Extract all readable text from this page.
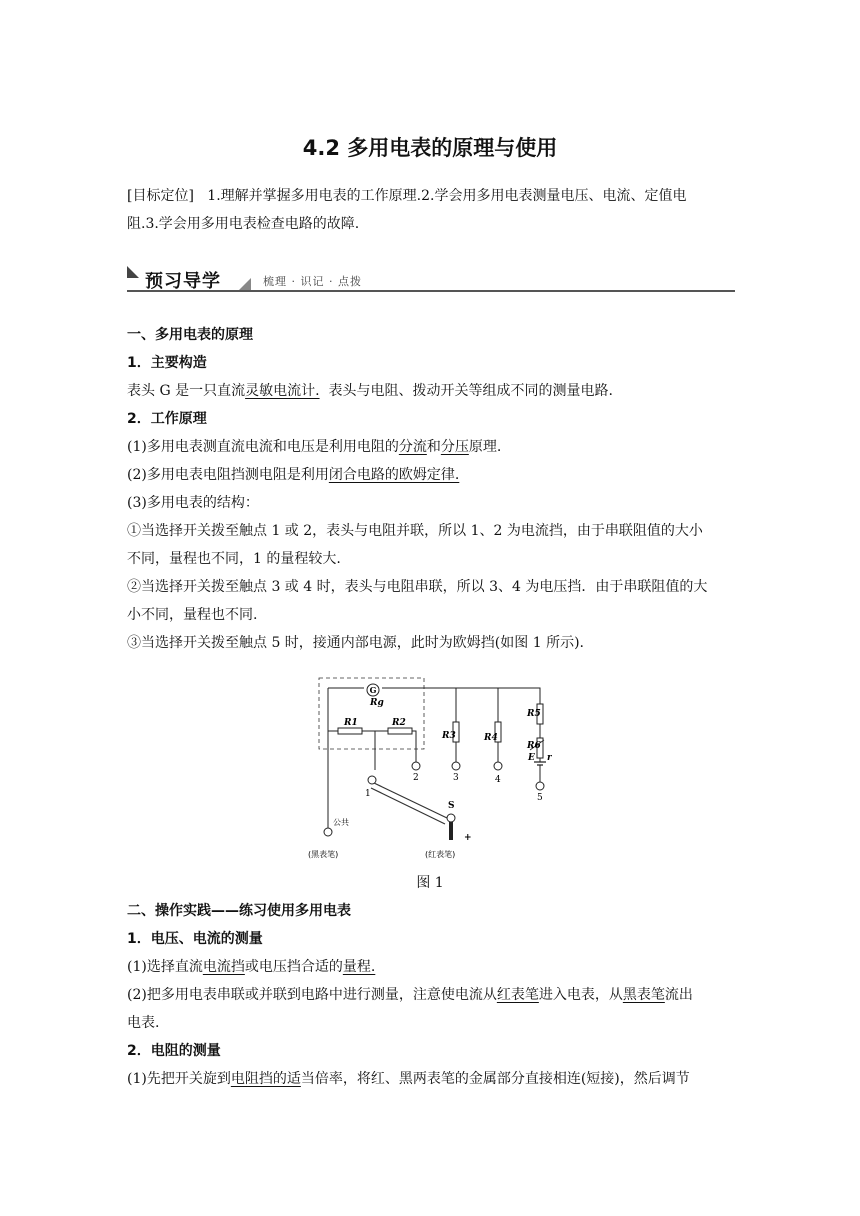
4.2 多用电表的原理与使用
[目标定位] 1.理解并掌握多用电表的工作原理.2.学会用多用电表测量电压、电流、定值电
阻.3.学会用多用电表检查电路的故障.
预习导学	梳理 · 识记 · 点拨
一、多用电表的原理
1．主要构造
表头 G 是一只直流灵敏电流计. 表头与电阻、拨动开关等组成不同的测量电路.
2．工作原理
(1)多用电表测直流电流和电压是利用电阻的分流和分压原理.
(2)多用电表电阻挡测电阻是利用闭合电路的欧姆定律.
(3)多用电表的结构：
①当选择开关拨至触点 1 或 2，表头与电阻并联，所以 1、2 为电流挡，由于串联阻值的大小
不同，量程也不同，1 的量程较大.
②当选择开关拨至触点 3 或 4 时，表头与电阻串联，所以 3、4 为电压挡．由于串联阻值的大
小不同，量程也不同.
③当选择开关拨至触点 5 时，接通内部电源，此时为欧姆挡(如图 1 所示).
G
Rg
R1	R2
R3	R4
R5
R6
E r
2	3	4
5
1
S
+
公共
(黑表笔)	(红表笔)
图 1
二、操作实践——练习使用多用电表
1．电压、电流的测量
(1)选择直流电流挡或电压挡合适的量程.
(2)把多用电表串联或并联到电路中进行测量，注意使电流从红表笔进入电表，从黑表笔流出
电表.
2．电阻的测量
(1)先把开关旋到电阻挡的适当倍率，将红、黑两表笔的金属部分直接相连(短接)，然后调节
